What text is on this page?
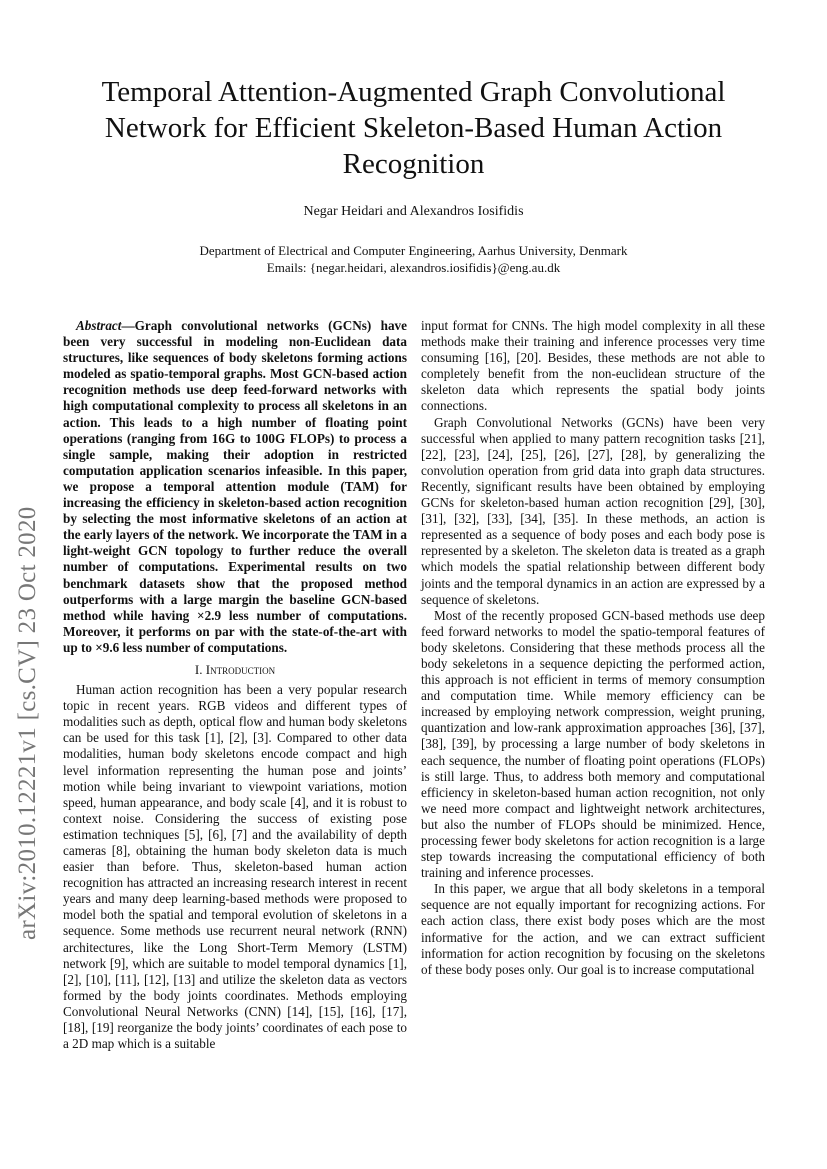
arXiv:2010.12221v1 [cs.CV] 23 Oct 2020
Temporal Attention-Augmented Graph Convolutional Network for Efficient Skeleton-Based Human Action Recognition
Negar Heidari and Alexandros Iosifidis
Department of Electrical and Computer Engineering, Aarhus University, Denmark
Emails: {negar.heidari, alexandros.iosifidis}@eng.au.dk

Abstract—Graph convolutional networks (GCNs) have been very successful in modeling non-Euclidean data structures, like sequences of body skeletons forming actions modeled as spatio-temporal graphs. Most GCN-based action recognition methods use deep feed-forward networks with high computational complexity to process all skeletons in an action. This leads to a high number of floating point operations (ranging from 16G to 100G FLOPs) to process a single sample, making their adoption in restricted computation application scenarios infeasible. In this paper, we propose a temporal attention module (TAM) for increasing the efficiency in skeleton-based action recognition by selecting the most informative skeletons of an action at the early layers of the network. We incorporate the TAM in a light-weight GCN topology to further reduce the overall number of computations. Experimental results on two benchmark datasets show that the proposed method outperforms with a large margin the baseline GCN-based method while having ×2.9 less number of computations. Moreover, it performs on par with the state-of-the-art with up to ×9.6 less number of computations.

I. Introduction

Human action recognition has been a very popular research topic in recent years. RGB videos and different types of modalities such as depth, optical flow and human body skeletons can be used for this task [1], [2], [3]. Compared to other data modalities, human body skeletons encode compact and high level information representing the human pose and joints’ motion while being invariant to viewpoint variations, motion speed, human appearance, and body scale [4], and it is robust to context noise. Considering the success of existing pose estimation techniques [5], [6], [7] and the availability of depth cameras [8], obtaining the human body skeleton data is much easier than before. Thus, skeleton-based human action recognition has attracted an increasing research interest in recent years and many deep learning-based methods were proposed to model both the spatial and temporal evolution of skeletons in a sequence. Some methods use recurrent neural network (RNN) architectures, like the Long Short-Term Memory (LSTM) network [9], which are suitable to model temporal dynamics [1], [2], [10], [11], [12], [13] and utilize the skeleton data as vectors formed by the body joints coordinates. Methods employing Convolutional Neural Networks (CNN) [14], [15], [16], [17], [18], [19] reorganize the body joints’ coordinates of each pose to a 2D map which is a suitable

input format for CNNs. The high model complexity in all these methods make their training and inference processes very time consuming [16], [20]. Besides, these methods are not able to completely benefit from the non-euclidean structure of the skeleton data which represents the spatial body joints connections.

Graph Convolutional Networks (GCNs) have been very successful when applied to many pattern recognition tasks [21], [22], [23], [24], [25], [26], [27], [28], by generalizing the convolution operation from grid data into graph data structures. Recently, significant results have been obtained by employing GCNs for skeleton-based human action recognition [29], [30], [31], [32], [33], [34], [35]. In these methods, an action is represented as a sequence of body poses and each body pose is represented by a skeleton. The skeleton data is treated as a graph which models the spatial relationship between different body joints and the temporal dynamics in an action are expressed by a sequence of skeletons.

Most of the recently proposed GCN-based methods use deep feed forward networks to model the spatio-temporal features of body skeletons. Considering that these methods process all the body sekeletons in a sequence depicting the performed action, this approach is not efficient in terms of memory consumption and computation time. While memory efficiency can be increased by employing network compression, weight pruning, quantization and low-rank approximation approaches [36], [37], [38], [39], by processing a large number of body skeletons in each sequence, the number of floating point operations (FLOPs) is still large. Thus, to address both memory and computational efficiency in skeleton-based human action recognition, not only we need more compact and lightweight network architectures, but also the number of FLOPs should be minimized. Hence, processing fewer body skeletons for action recognition is a large step towards increasing the computational efficiency of both training and inference processes.

In this paper, we argue that all body skeletons in a temporal sequence are not equally important for recognizing actions. For each action class, there exist body poses which are the most informative for the action, and we can extract sufficient information for action recognition by focusing on the skeletons of these body poses only. Our goal is to increase computational
